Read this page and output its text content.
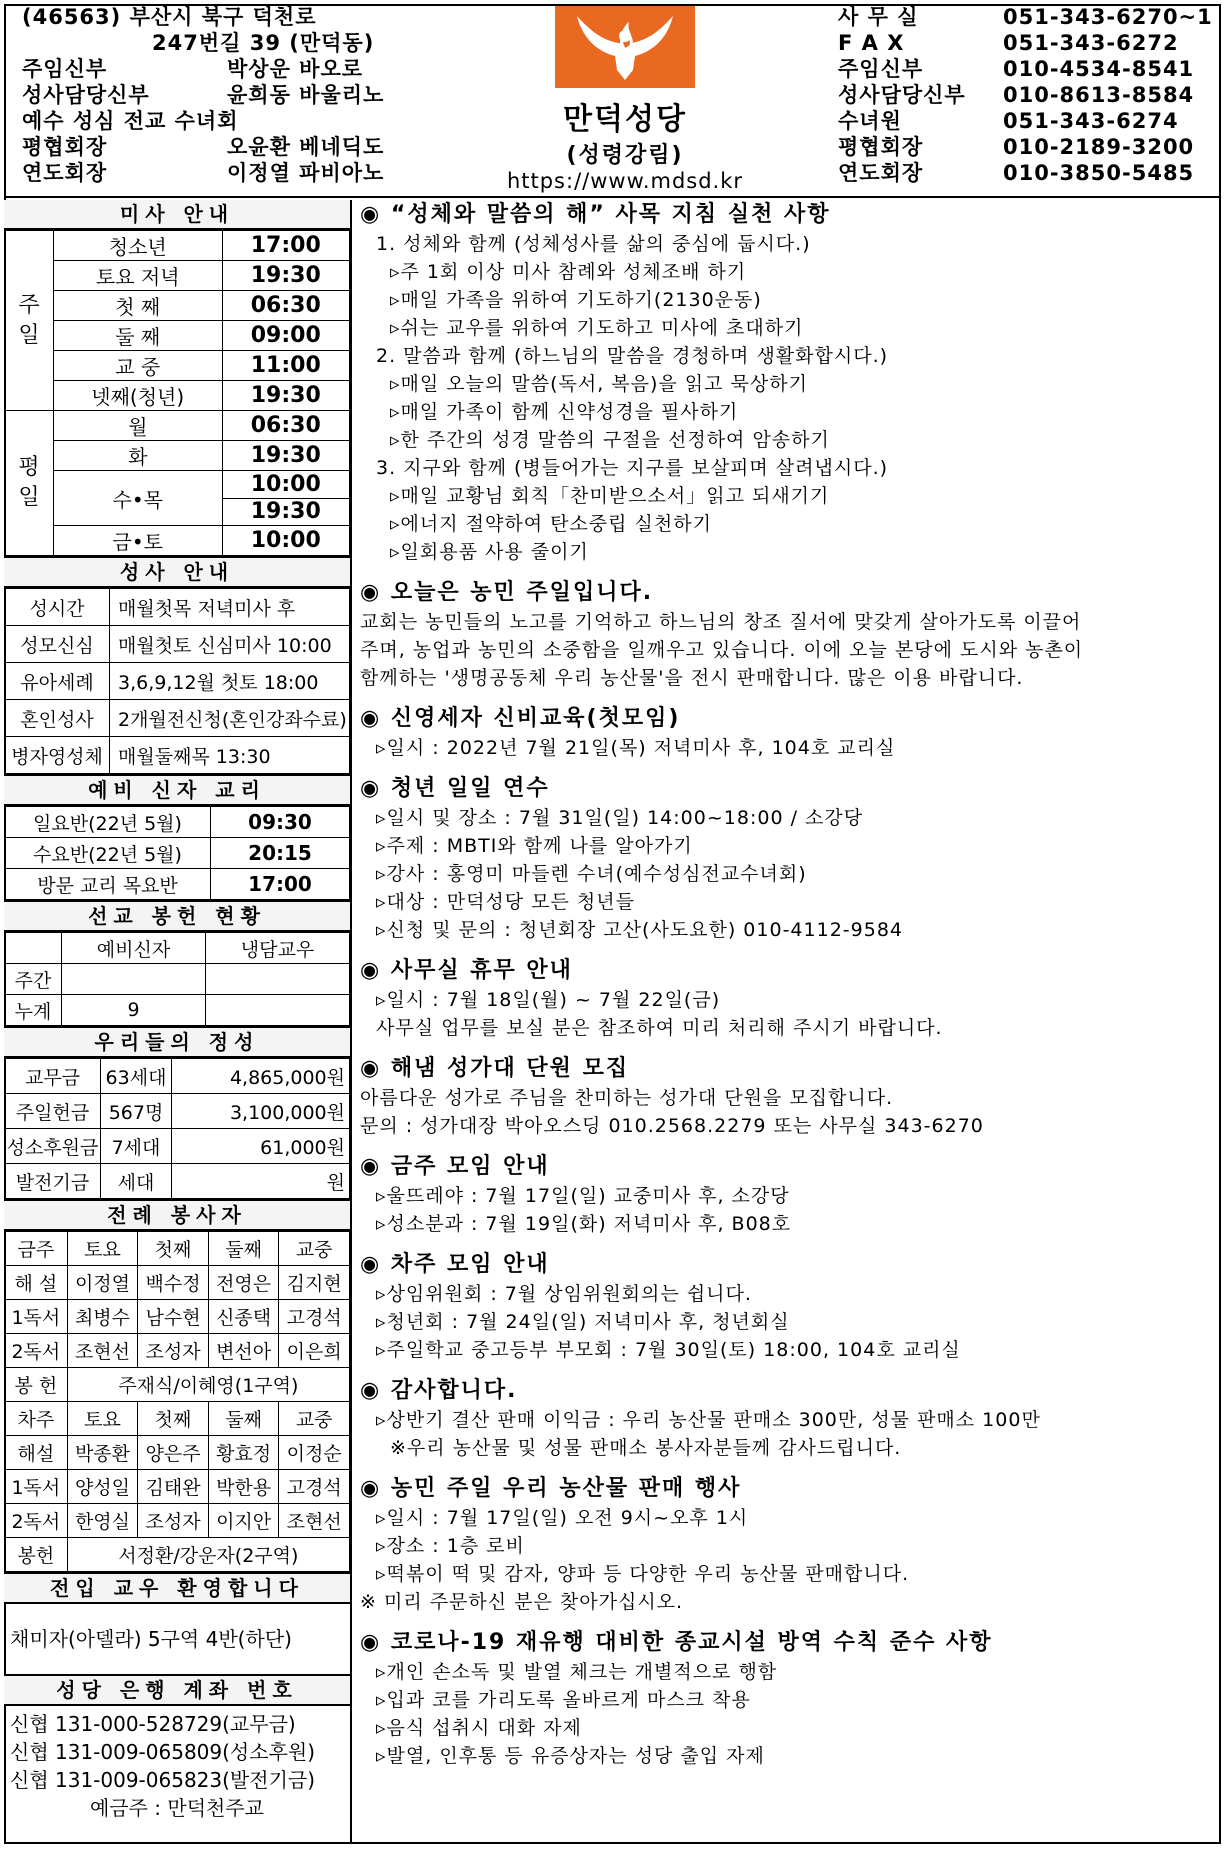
(46563) 부산시 북구 덕천로
247번길 39 (만덕동)
주임신부	박상운 바오로
성사담당신부	윤희동 바울리노
예수 성심 전교 수녀회
평협회장	오윤환 베네딕도
연도회장	이정열 파비아노
만덕성당
(성령강림)
https://www.mdsd.kr
사 무 실	051-343-6270~1
F A X	051-343-6272
주임신부	010-4534-8541
성사담당신부	010-8613-8584
수녀원	051-343-6274
평협회장	010-2189-3200
연도회장	010-3850-5485
미사 안내
주
일	청소년	17:00
	토요 저녁	19:30
	첫 째	06:30
	둘 째	09:00
	교 중	11:00
	넷째(청년)	19:30
평
일	월	06:30
	화	19:30
	수•목	10:00
		19:30
	금•토	10:00
성사 안내
성시간	매월첫목 저녁미사 후
성모신심	매월첫토 신심미사 10:00
유아세례	3,6,9,12월 첫토 18:00
혼인성사	2개월전신청(혼인강좌수료)
병자영성체	매월둘째목 13:30
예비 신자 교리
일요반(22년 5월)	09:30
수요반(22년 5월)	20:15
방문 교리 목요반	17:00
선교 봉헌 현황
	예비신자	냉담교우
주간		
누계	9	
우리들의 정성
교무금	63세대	4,865,000원
주일헌금	567명	3,100,000원
성소후원금	7세대	61,000원
발전기금	세대	원
전례 봉사자
금주	토요	첫째	둘째	교중
해 설	이정열	백수정	전영은	김지현
1독서	최병수	남수현	신종택	고경석
2독서	조현선	조성자	변선아	이은희
봉 헌	주재식/이혜영(1구역)			
차주	토요	첫째	둘째	교중
해설	박종환	양은주	황효정	이정순
1독서	양성일	김태완	박한용	고경석
2독서	한영실	조성자	이지안	조현선
봉헌	서정환/강운자(2구역)			
전입 교우 환영합니다
채미자(아델라) 5구역 4반(하단)
성당 은행 계좌 번호
신협 131-000-528729(교무금)
신협 131-009-065809(성소후원)
신협 131-009-065823(발전기금)
예금주 : 만덕천주교
◉ “성체와 말씀의 해” 사목 지침 실천 사항

1. 성체와 함께 (성체성사를 삶의 중심에 둡시다.)

▹주 1회 이상 미사 참례와 성체조배 하기

▹매일 가족을 위하여 기도하기(2130운동)

▹쉬는 교우를 위하여 기도하고 미사에 초대하기

2. 말씀과 함께 (하느님의 말씀을 경청하며 생활화합시다.)

▹매일 오늘의 말씀(독서, 복음)을 읽고 묵상하기

▹매일 가족이 함께 신약성경을 필사하기

▹한 주간의 성경 말씀의 구절을 선정하여 암송하기

3. 지구와 함께 (병들어가는 지구를 보살피며 살려냅시다.)

▹매일 교황님 회칙「찬미받으소서」읽고 되새기기

▹에너지 절약하여 탄소중립 실천하기

▹일회용품 사용 줄이기

◉ 오늘은 농민 주일입니다.

교회는 농민들의 노고를 기억하고 하느님의 창조 질서에 맞갖게 살아가도록 이끌어

주며, 농업과 농민의 소중함을 일깨우고 있습니다. 이에 오늘 본당에 도시와 농촌이

함께하는 '생명공동체 우리 농산물'을 전시 판매합니다. 많은 이용 바랍니다.

◉ 신영세자 신비교육(첫모임)

▹일시 : 2022년 7월 21일(목) 저녁미사 후, 104호 교리실

◉ 청년 일일 연수

▹일시 및 장소 : 7월 31일(일) 14:00~18:00 / 소강당

▹주제 : MBTI와 함께 나를 알아가기

▹강사 : 홍영미 마들렌 수녀(예수성심전교수녀회)

▹대상 : 만덕성당 모든 청년들

▹신청 및 문의 : 청년회장 고산(사도요한) 010-4112-9584

◉ 사무실 휴무 안내

▹일시 : 7월 18일(월) ~ 7월 22일(금)

사무실 업무를 보실 분은 참조하여 미리 처리해 주시기 바랍니다.

◉ 해냄 성가대 단원 모집

아름다운 성가로 주님을 찬미하는 성가대 단원을 모집합니다.

문의 : 성가대장 박아오스딩 010.2568.2279 또는 사무실 343-6270

◉ 금주 모임 안내

▹울뜨레야 : 7월 17일(일) 교중미사 후, 소강당

▹성소분과 : 7월 19일(화) 저녁미사 후, B08호

◉ 차주 모임 안내

▹상임위원회 : 7월 상임위원회의는 쉽니다.

▹청년회 : 7월 24일(일) 저녁미사 후, 청년회실

▹주일학교 중고등부 부모회 : 7월 30일(토) 18:00, 104호 교리실

◉ 감사합니다.

▹상반기 결산 판매 이익금 : 우리 농산물 판매소 300만, 성물 판매소 100만

※우리 농산물 및 성물 판매소 봉사자분들께 감사드립니다.

◉ 농민 주일 우리 농산물 판매 행사

▹일시 : 7월 17일(일) 오전 9시~오후 1시

▹장소 : 1층 로비

▹떡볶이 떡 및 감자, 양파 등 다양한 우리 농산물 판매합니다.

※ 미리 주문하신 분은 찾아가십시오.

◉ 코로나-19 재유행 대비한 종교시설 방역 수칙 준수 사항

▹개인 손소독 및 발열 체크는 개별적으로 행함

▹입과 코를 가리도록 올바르게 마스크 착용

▹음식 섭취시 대화 자제

▹발열, 인후통 등 유증상자는 성당 출입 자제
